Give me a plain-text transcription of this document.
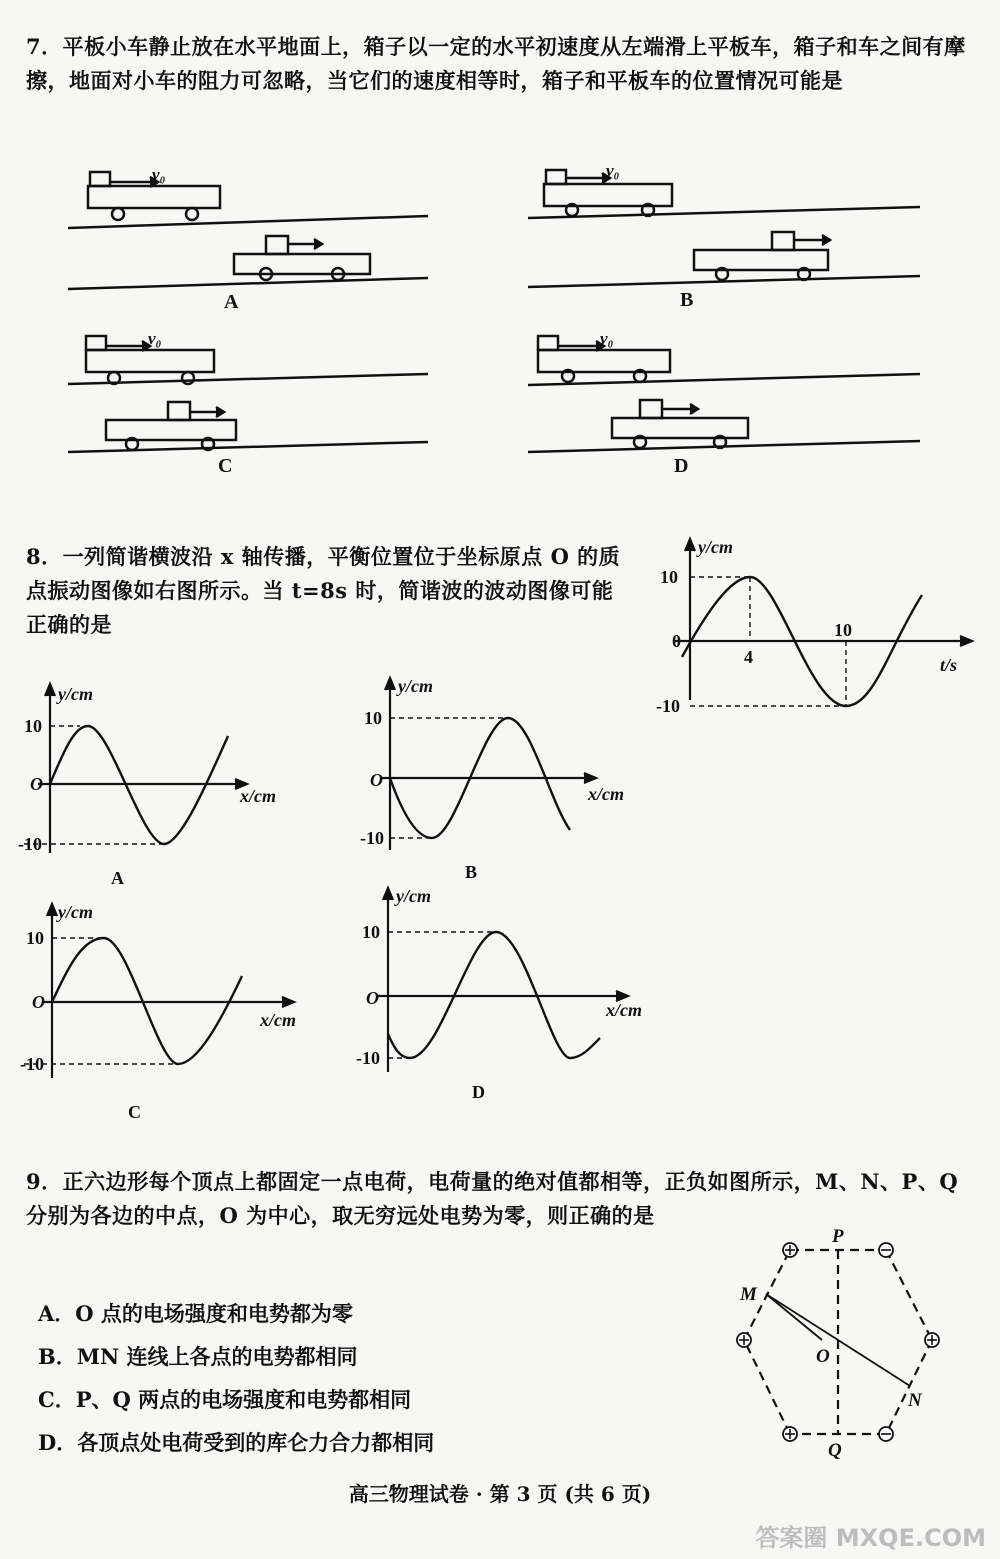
7．平板小车静止放在水平地面上，箱子以一定的水平初速度从左端滑上平板车，箱子和车之间有摩擦，地面对小车的阻力可忽略，当它们的速度相等时，箱子和平板车的位置情况可能是
v₀	v₀
v₀	v₀
A	B
C	D
8．一列简谐横波沿 x 轴传播，平衡位置位于坐标原点 O 的质点振动图像如右图所示。当 t=8s 时，简谐波的波动图像可能正确的是
y/cm
10
0
-10
4
10
t/s
y/cm
10
O
-10
x/cm
A
y/cm
10
O
-10
x/cm
B
y/cm
10
O
-10
x/cm
C
y/cm
10
O
-10
x/cm
D
9．正六边形每个顶点上都固定一点电荷，电荷量的绝对值都相等，正负如图所示，M、N、P、Q 分别为各边的中点，O 为中心，取无穷远处电势为零，则正确的是
A．O 点的电场强度和电势都为零
B．MN 连线上各点的电势都相同
C．P、Q 两点的电场强度和电势都相同
D．各顶点处电荷受到的库仑力合力都相同
P
M
O
N
Q
高三物理试卷 · 第 3 页 (共 6 页)
答案圈 MXQE.COM
